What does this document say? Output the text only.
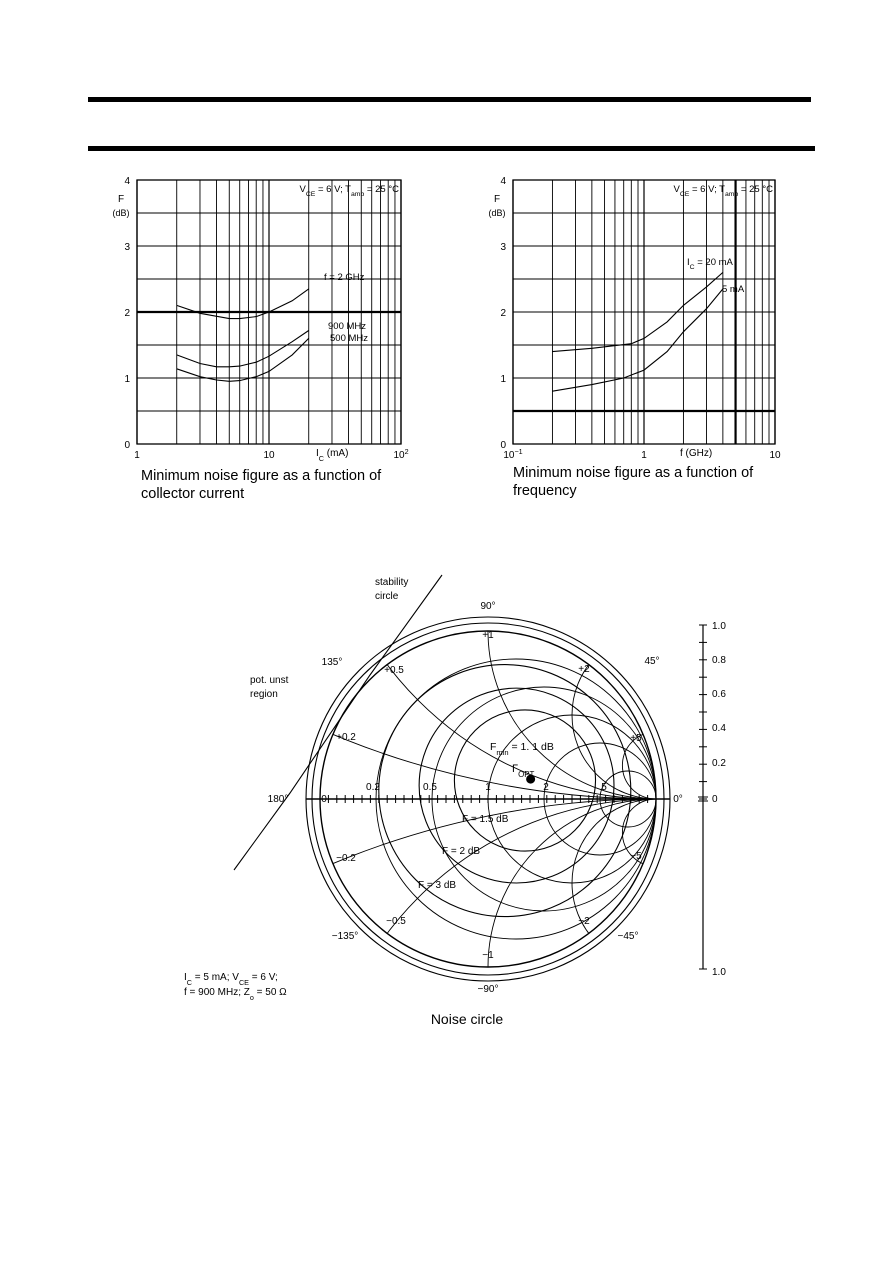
0
1
2
3
4
1	10	$10^2$
F
(dB)
$I_C$ (mA)
$V_{CE} = 6$ V; $T_{amb} = 25$ °C
f = 2 GHz
900 MHz
500 MHz
Minimum noise figure as a function of
collector current
0
1
2
3
4
$10^{-1}$	1	10
F
(dB)
f (GHz)
$V_{CE} = 6$ V; $T_{amb} = 25$ °C
$I_C = 20$ mA
5 mA
Minimum noise figure as a function of
frequency
90°
45°
0°
−45°
−90°
−135°
180°
135°
0
0.2	0.5	1	2	5
+1
+2
+5
+0.5
+0.2
−0.2
−0.5
−1
−2
−5
1.0
0.8
0.6
0.4
0.2
0
1.0
stability
circle
pot. unst
region
$F_{min} = 1$. 1 dB
$\Gamma_{OPT}$
F = 1.5 dB
F = 2 dB
F = 3 dB
$I_C = 5$ mA; $V_{CE} = 6$ V;
f = 900 MHz; $Z_o = 50$ Ω
Noise circle
